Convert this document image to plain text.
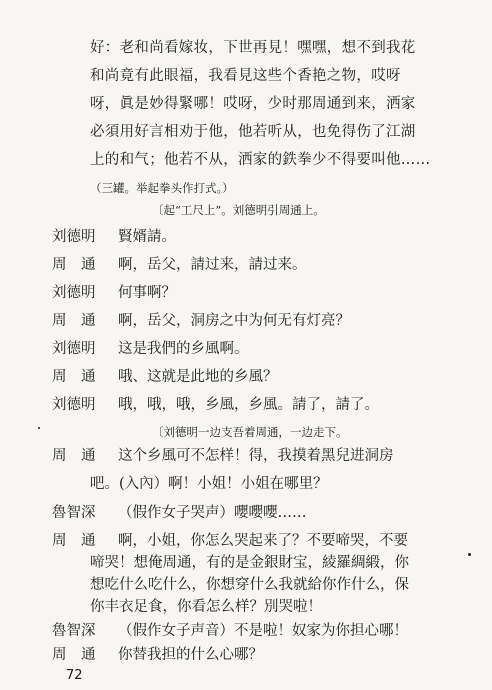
好：老和尚看嫁妆，下世再見！嘿嘿，想不到我花
和尚竟有此眼福，我看見这些个香艳之物，哎呀
呀，眞是妙得緊哪！哎呀，少时那周通到来，洒家
必須用好言相劝于他，他若听从，也免得伤了江湖
上的和气；他若不从，洒家的鉄拳少不得要叫他……
（三罐。举起拳头作打式。）
〔起“工尺上”。刘德明引周通上。
刘德明 賢婿請。
周　通 啊，岳父，請过来，請过来。
刘德明 何事啊？
周　通 啊，岳父，洞房之中为何无有灯亮？
刘德明 这是我們的乡風啊。
周　通 哦、这就是此地的乡風？
刘德明 哦，哦，哦，乡風，乡風。請了，請了。
〔刘德明一边支吾着周通，一边走下。
周　通 这个乡風可不怎样！得，我摸着黑兒进洞房
吧。(入內）啊！小姐！小姐在哪里？
魯智深 （假作女子哭声）嚶嚶嚶……
周　通 啊，小姐，你怎么哭起来了？不要啼哭，不要
啼哭！想俺周通，有的是金銀財宝，綾羅綢緞，你
想吃什么吃什么，你想穿什么我就給你作什么，保
你丰衣足食，你看怎么样？別哭啦！
72
魯智深 （假作女子声音）不是啦！奴家为你担心哪！
周　通 你替我担的什么心哪？
